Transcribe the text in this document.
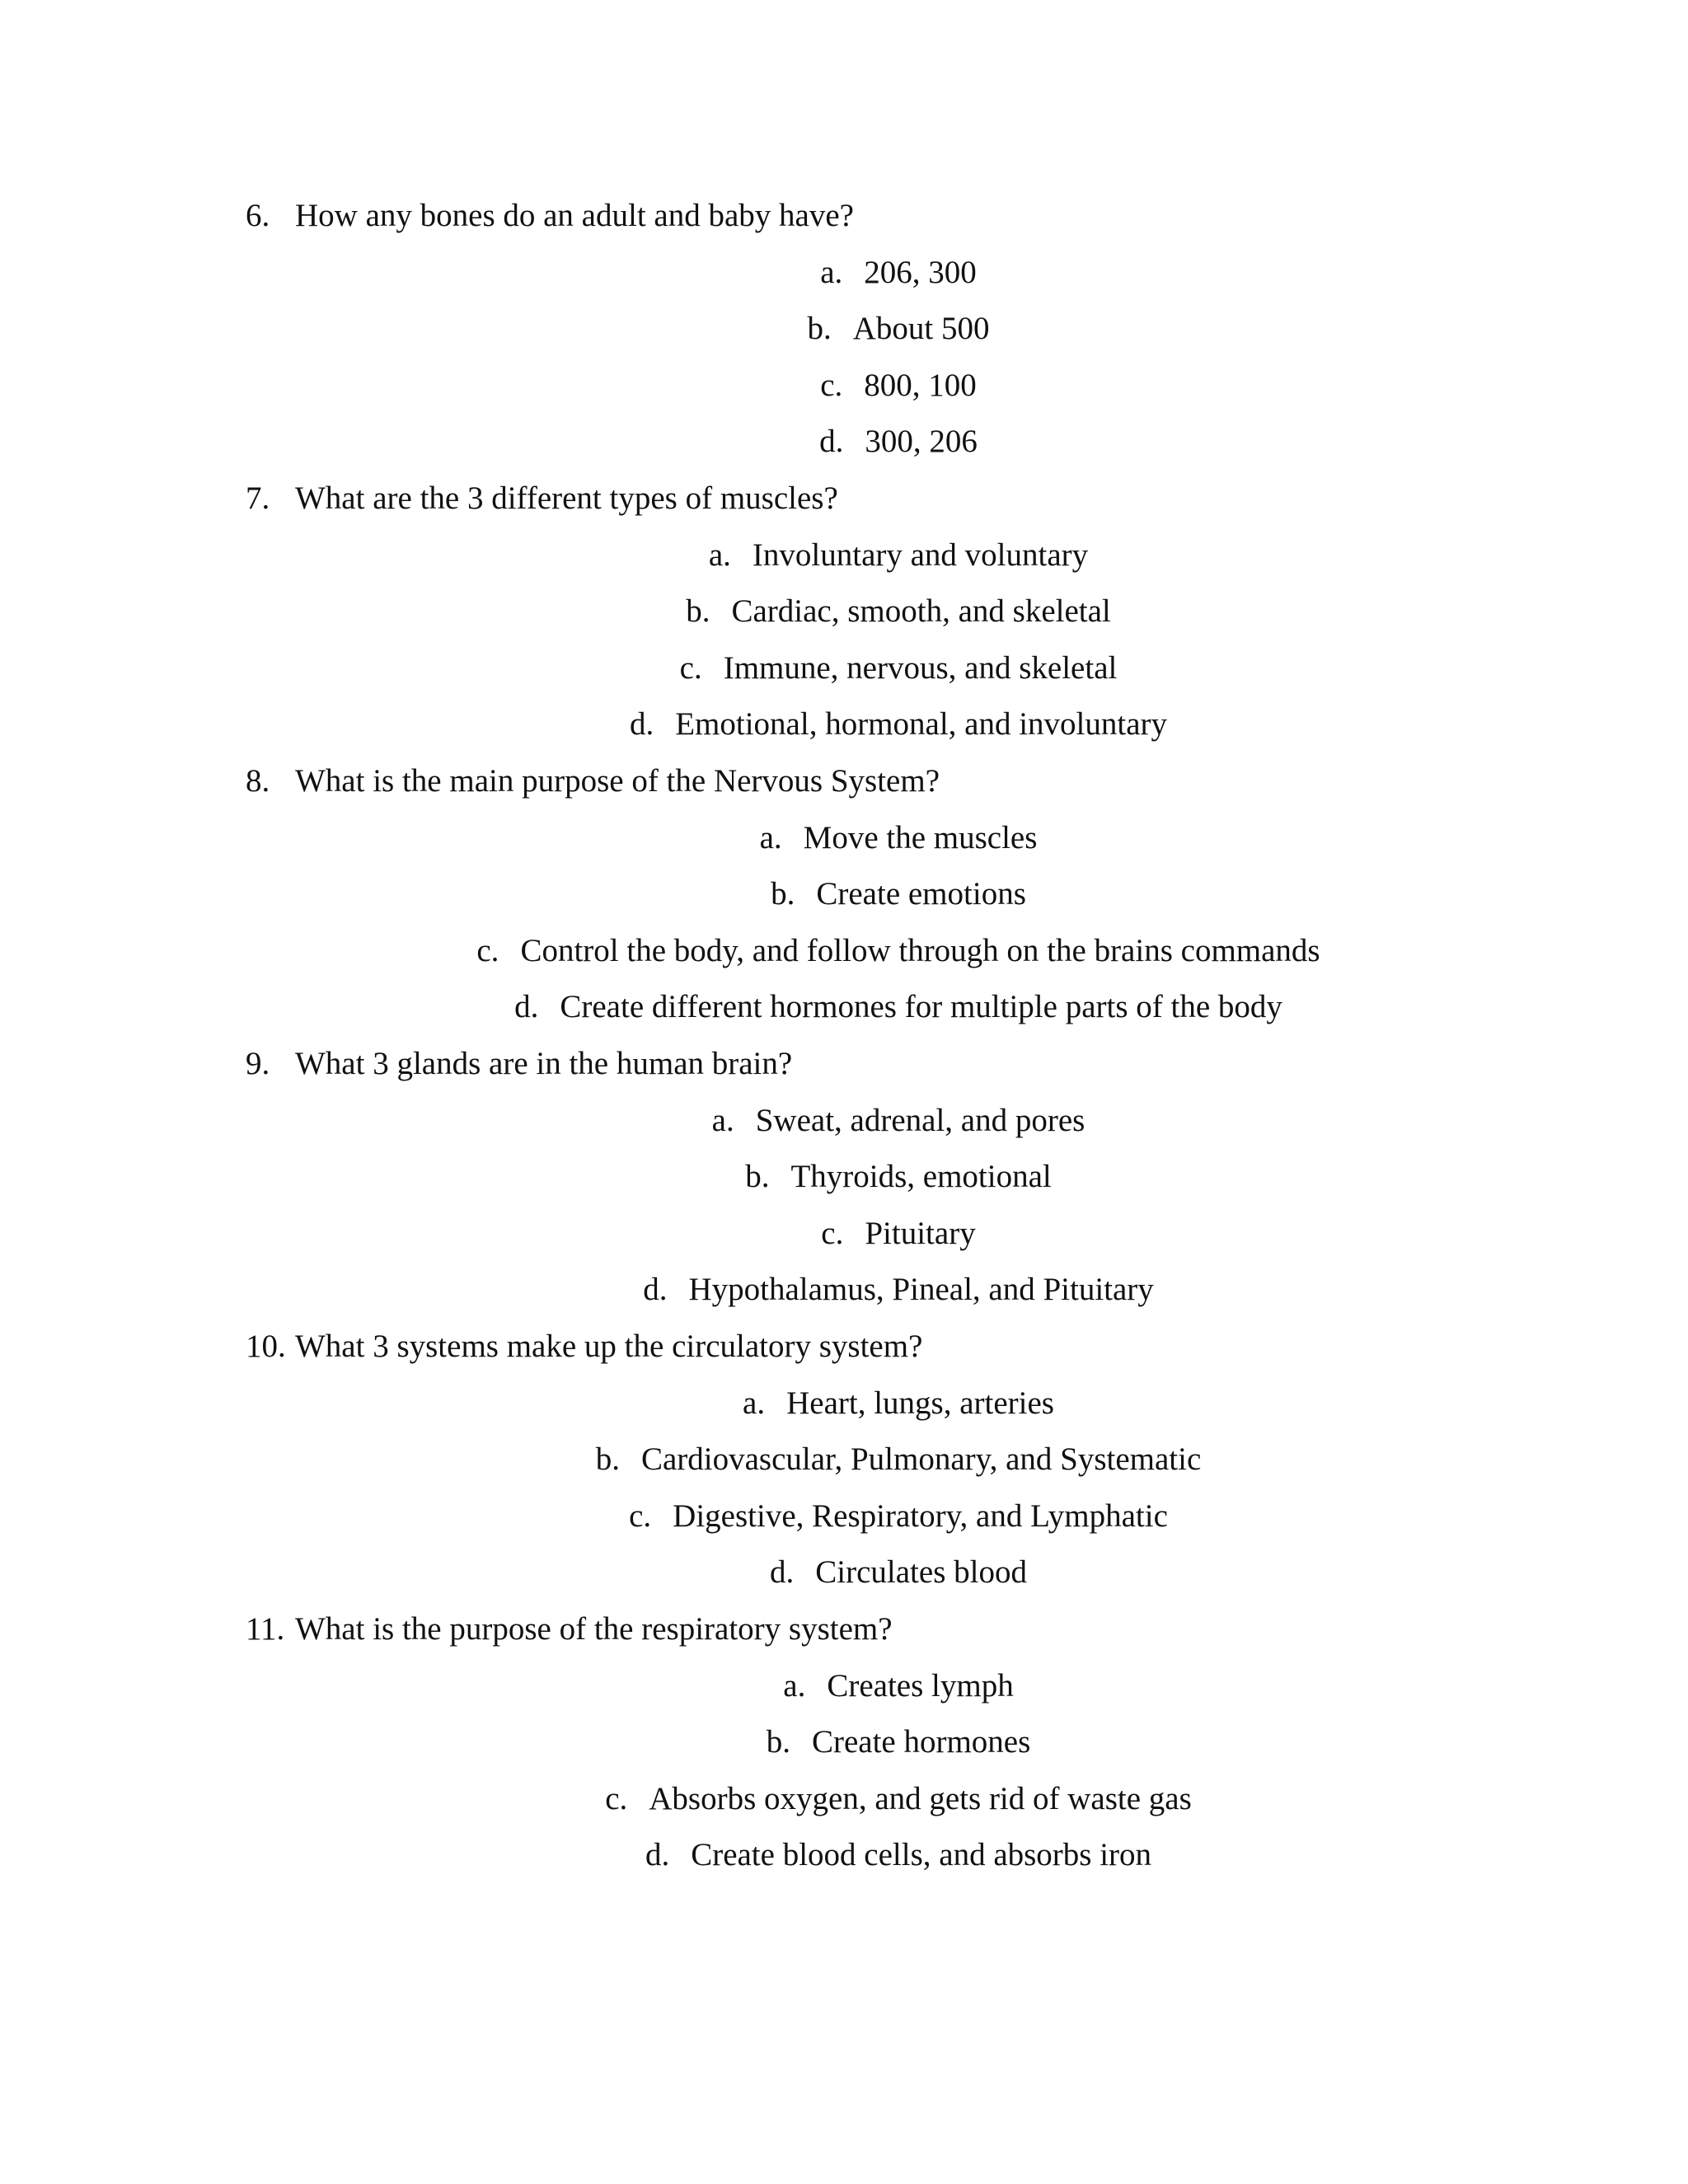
6. How any bones do an adult and baby have?
a. 206, 300
b. About 500
c. 800, 100
d. 300, 206
7. What are the 3 different types of muscles?
a. Involuntary and voluntary
b. Cardiac, smooth, and skeletal
c. Immune, nervous, and skeletal
d. Emotional, hormonal, and involuntary
8. What is the main purpose of the Nervous System?
a. Move the muscles
b. Create emotions
c. Control the body, and follow through on the brains commands
d. Create different hormones for multiple parts of the body
9. What 3 glands are in the human brain?
a. Sweat, adrenal, and pores
b. Thyroids, emotional
c. Pituitary
d. Hypothalamus, Pineal, and Pituitary
10. What 3 systems make up the circulatory system?
a. Heart, lungs, arteries
b. Cardiovascular, Pulmonary, and Systematic
c. Digestive, Respiratory, and Lymphatic
d. Circulates blood
11. What is the purpose of the respiratory system?
a. Creates lymph
b. Create hormones
c. Absorbs oxygen, and gets rid of waste gas
d. Create blood cells, and absorbs iron
